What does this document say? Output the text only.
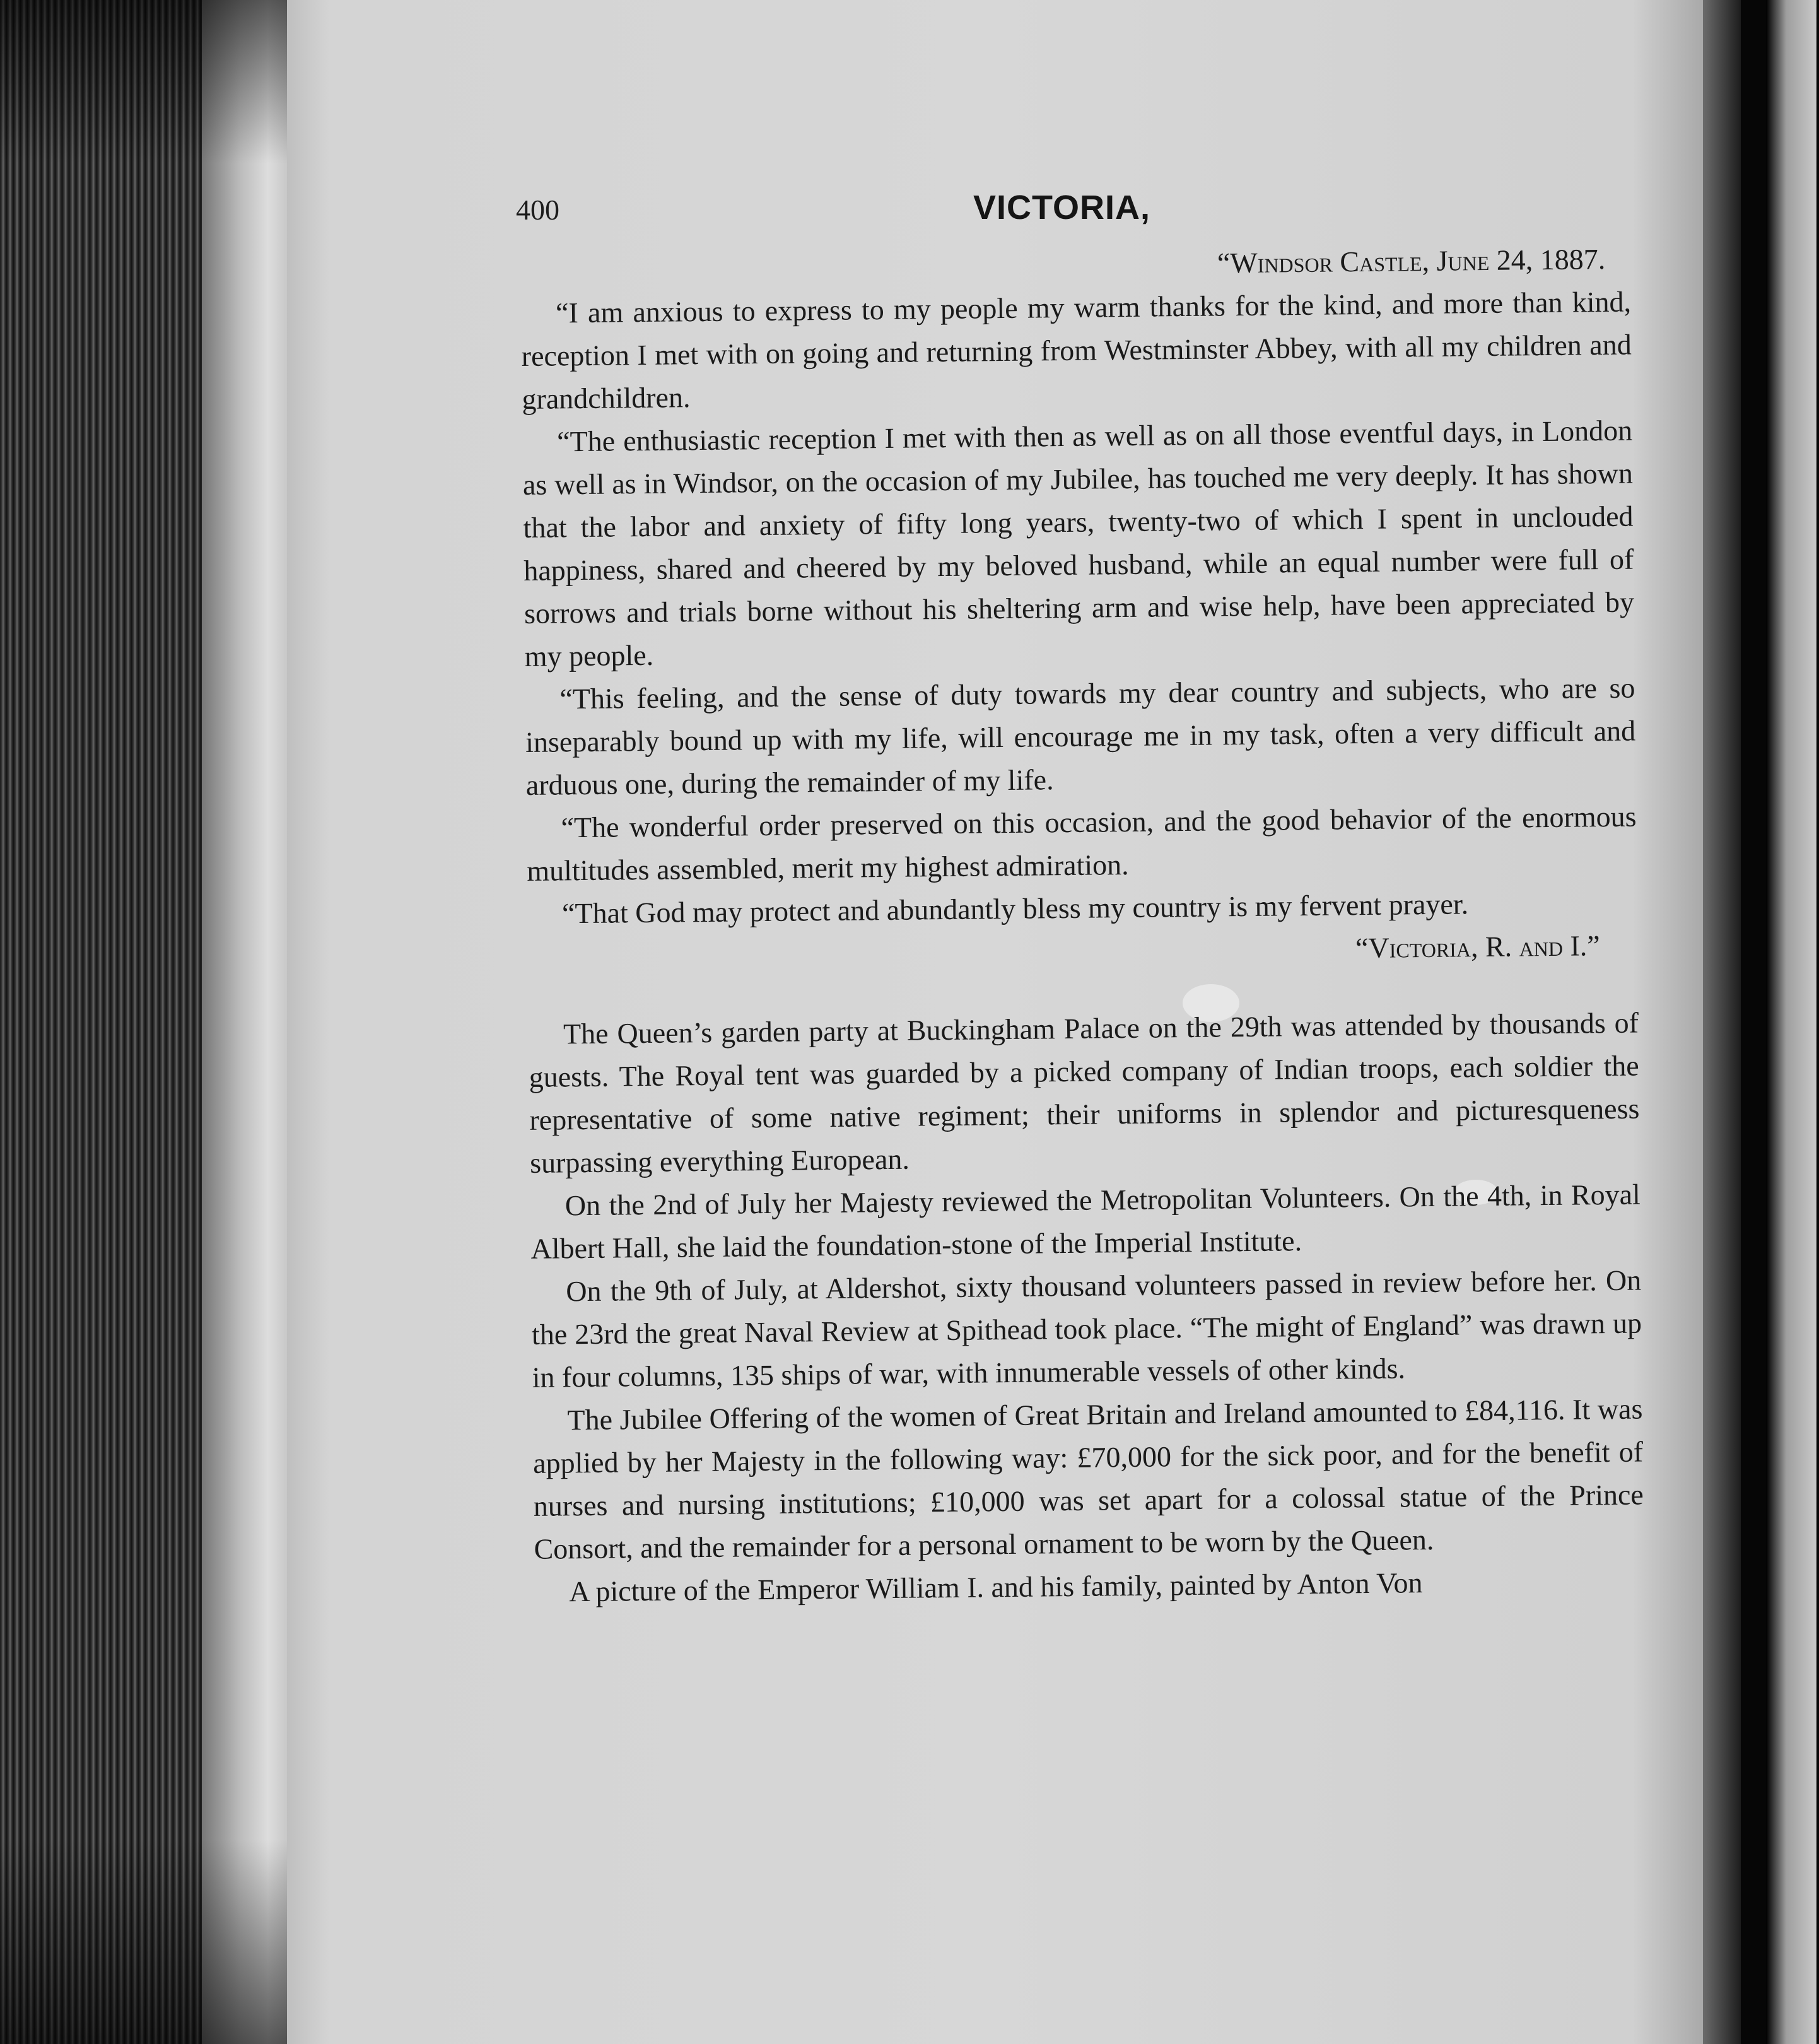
400	VICTORIA,

“Windsor Castle, June 24, 1887.

“I am anxious to express to my people my warm thanks for the kind, and more than kind, reception I met with on going and returning from Westminster Abbey, with all my children and grandchildren.

“The enthusiastic reception I met with then as well as on all those eventful days, in London as well as in Windsor, on the occasion of my Jubilee, has touched me very deeply. It has shown that the labor and anxiety of fifty long years, twenty-two of which I spent in unclouded happiness, shared and cheered by my beloved husband, while an equal number were full of sorrows and trials borne without his sheltering arm and wise help, have been appreciated by my people.

“This feeling, and the sense of duty towards my dear country and subjects, who are so inseparably bound up with my life, will encourage me in my task, often a very difficult and arduous one, during the remainder of my life.

“The wonderful order preserved on this occasion, and the good behavior of the enormous multitudes assembled, merit my highest admiration.

“That God may protect and abundantly bless my country is my fervent prayer.

“Victoria, R. and I.”

The Queen’s garden party at Buckingham Palace on the 29th was attended by thousands of guests. The Royal tent was guarded by a picked company of Indian troops, each soldier the representative of some native regiment; their uniforms in splendor and picturesqueness surpassing everything European.

On the 2nd of July her Majesty reviewed the Metropolitan Volunteers. On the 4th, in Royal Albert Hall, she laid the foundation-stone of the Imperial Institute.

On the 9th of July, at Aldershot, sixty thousand volunteers passed in review before her. On the 23rd the great Naval Review at Spithead took place. “The might of England” was drawn up in four columns, 135 ships of war, with innumerable vessels of other kinds.

The Jubilee Offering of the women of Great Britain and Ireland amounted to £84,116. It was applied by her Majesty in the following way: £70,000 for the sick poor, and for the benefit of nurses and nursing institutions; £10,000 was set apart for a colossal statue of the Prince Consort, and the remainder for a personal ornament to be worn by the Queen.

A picture of the Emperor William I. and his family, painted by Anton Von
